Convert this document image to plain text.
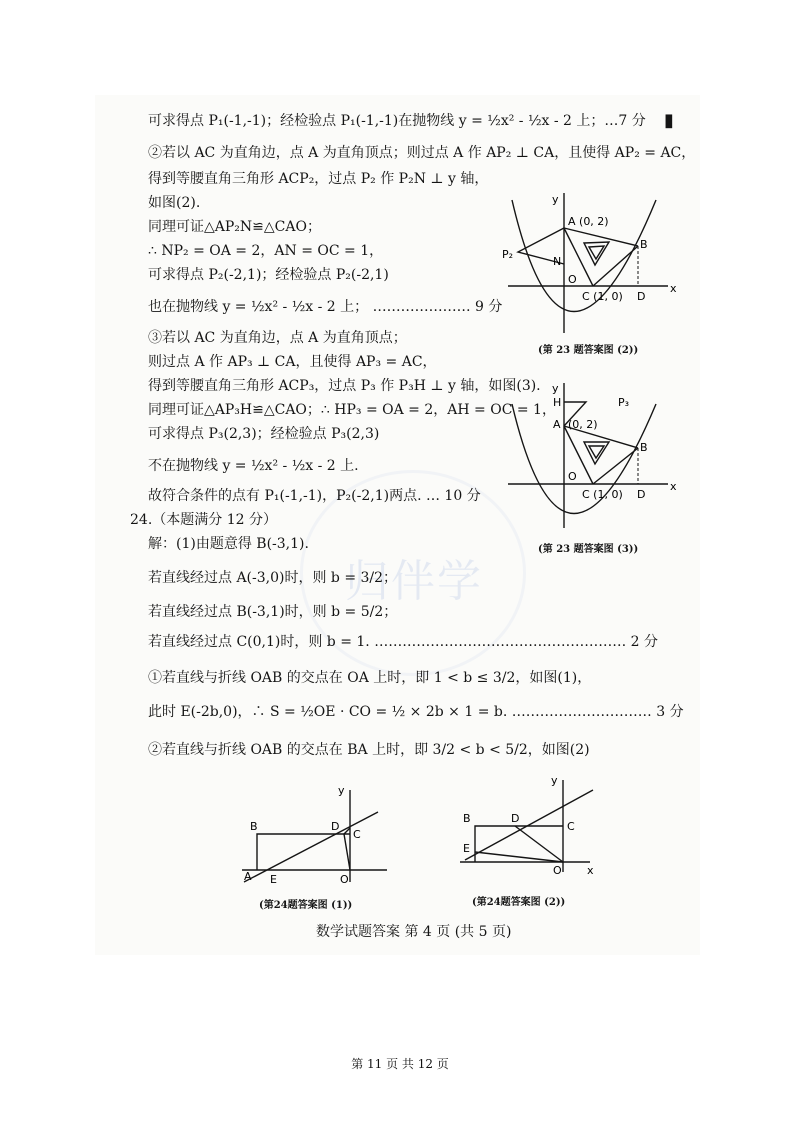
归伴学
可求得点 P₁(-1,-1)；经检验点 P₁(-1,-1)在抛物线 y = ½x² - ½x - 2 上；…7 分 ▮
②若以 AC 为直角边，点 A 为直角顶点；则过点 A 作 AP₂ ⊥ CA，且使得 AP₂ = AC，
得到等腰直角三角形 ACP₂，过点 P₂ 作 P₂N ⊥ y 轴，
如图(2).
同理可证△AP₂N≌△CAO；
∴ NP₂ = OA = 2，AN = OC = 1，
可求得点 P₂(-2,1)；经检验点 P₂(-2,1)
也在抛物线 y = ½x² - ½x - 2 上； ………………… 9 分
③若以 AC 为直角边，点 A 为直角顶点；
则过点 A 作 AP₃ ⊥ CA，且使得 AP₃ = AC，
得到等腰直角三角形 ACP₃，过点 P₃ 作 P₃H ⊥ y 轴，如图(3).
同理可证△AP₃H≌△CAO；∴ HP₃ = OA = 2，AH = OC = 1，
可求得点 P₃(2,3)；经检验点 P₃(2,3)
不在抛物线 y = ½x² - ½x - 2 上.
故符合条件的点有 P₁(-1,-1)，P₂(-2,1)两点. … 10 分
24.（本题满分 12 分）
解：(1)由题意得 B(-3,1).
若直线经过点 A(-3,0)时，则 b = 3/2；
若直线经过点 B(-3,1)时，则 b = 5/2；
若直线经过点 C(0,1)时，则 b = 1. ……………………………………………… 2 分
①若直线与折线 OAB 的交点在 OA 上时，即 1 < b ≤ 3/2，如图(1)，
此时 E(-2b,0)，∴ S = ½OE · CO = ½ × 2b × 1 = b. ………………………… 3 分
②若直线与折线 OAB 的交点在 BA 上时，即 3/2 < b < 5/2，如图(2)
y
x
A (0, 2)
B
C (1, 0) D
N
O
P₂
(第 23 题答案图 (2))
y
x
H	P₃
A (0, 2)
B
C (1, 0) D
O
(第 23 题答案图 (3))
y
B	D
C
A E	O
(第24题答案图 (1))
y
x
B	D
C
E
O
(第24题答案图 (2))
数学试题答案 第 4 页 (共 5 页)
第 11 页 共 12 页
